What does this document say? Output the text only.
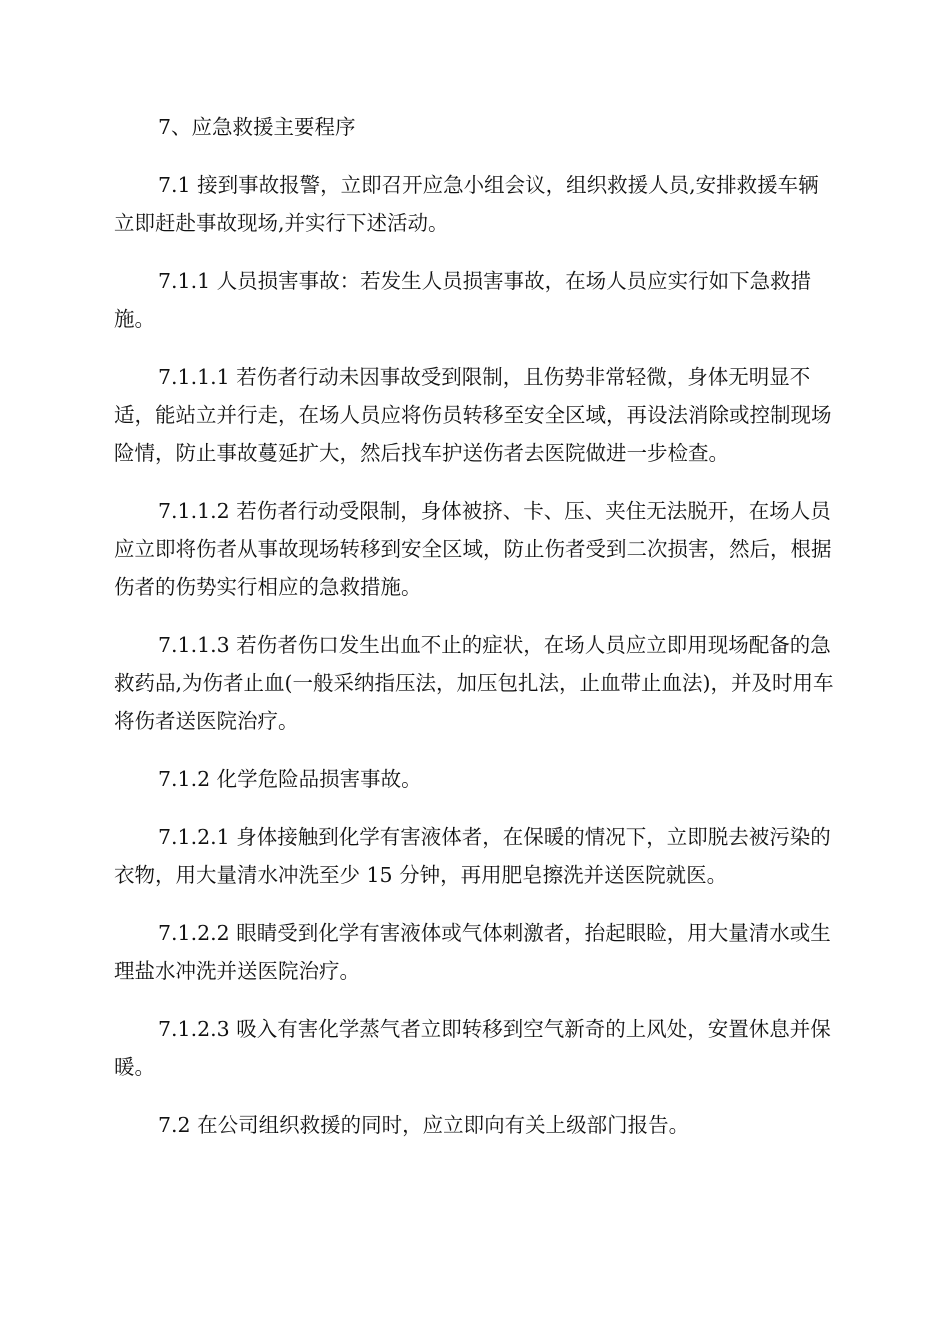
7、应急救援主要程序

7.1 接到事故报警，立即召开应急小组会议，组织救援人员,安排救援车辆立即赶赴事故现场,并实行下述活动。

7.1.1 人员损害事故：若发生人员损害事故，在场人员应实行如下急救措施。

7.1.1.1 若伤者行动未因事故受到限制，且伤势非常轻微，身体无明显不适，能站立并行走，在场人员应将伤员转移至安全区域，再设法消除或控制现场险情，防止事故蔓延扩大，然后找车护送伤者去医院做进一步检查。

7.1.1.2 若伤者行动受限制，身体被挤、卡、压、夹住无法脱开，在场人员应立即将伤者从事故现场转移到安全区域，防止伤者受到二次损害，然后，根据伤者的伤势实行相应的急救措施。

7.1.1.3 若伤者伤口发生出血不止的症状，在场人员应立即用现场配备的急救药品,为伤者止血(一般采纳指压法，加压包扎法，止血带止血法)，并及时用车将伤者送医院治疗。

7.1.2 化学危险品损害事故。

7.1.2.1 身体接触到化学有害液体者，在保暖的情况下，立即脱去被污染的衣物，用大量清水冲洗至少 15 分钟，再用肥皂擦洗并送医院就医。

7.1.2.2 眼睛受到化学有害液体或气体刺激者，抬起眼睑，用大量清水或生理盐水冲洗并送医院治疗。

7.1.2.3 吸入有害化学蒸气者立即转移到空气新奇的上风处，安置休息并保暖。

7.2 在公司组织救援的同时，应立即向有关上级部门报告。
